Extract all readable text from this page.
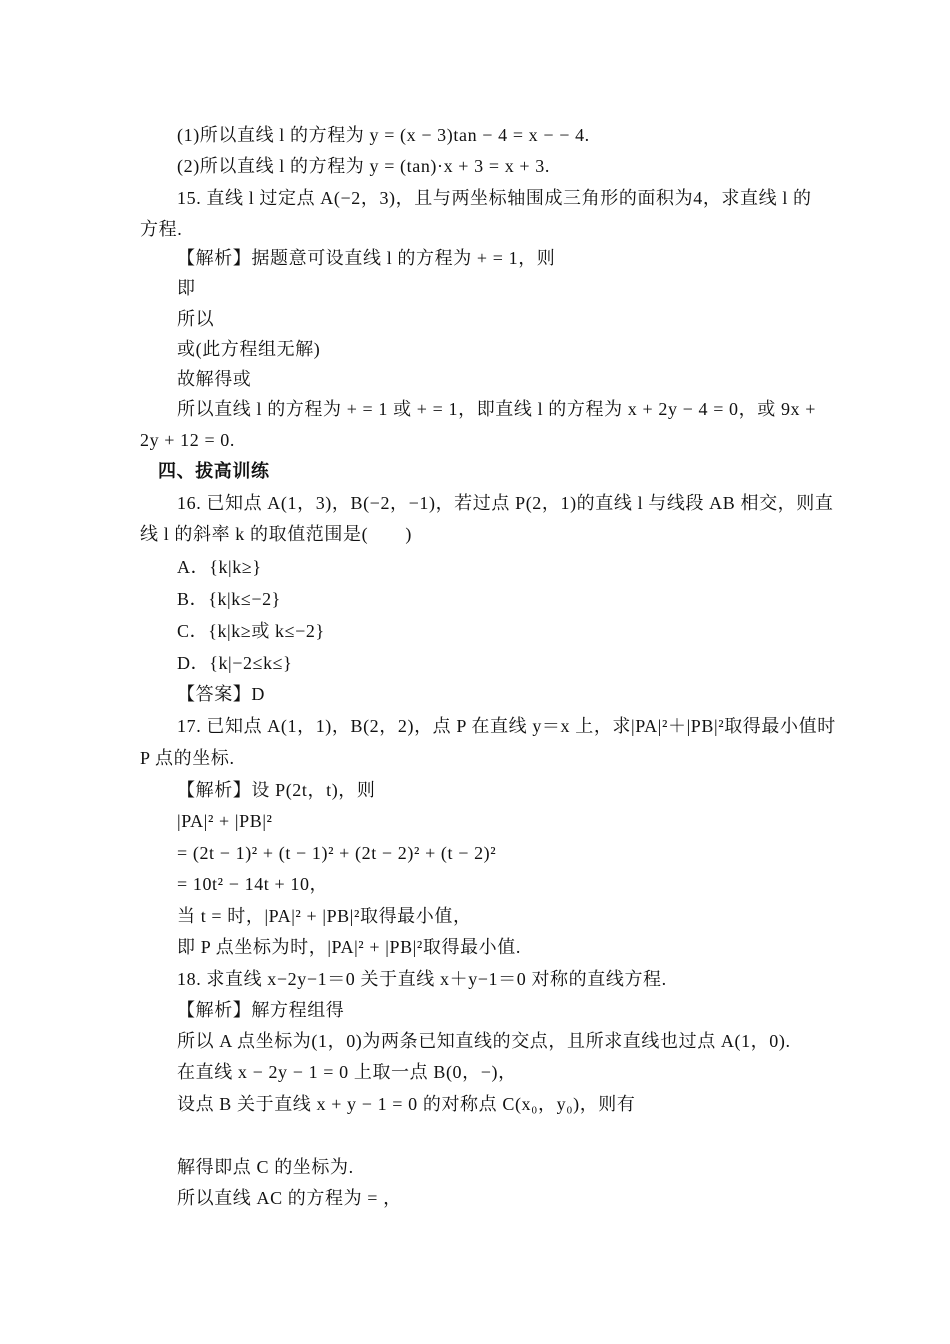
(1)所以直线 l 的方程为 y = (x − 3)tan − 4 = x − − 4.
(2)所以直线 l 的方程为 y = (tan)·x + 3 = x + 3.
15. 直线 l 过定点 A(−2，3)，且与两坐标轴围成三角形的面积为4，求直线 l 的
方程.
【解析】据题意可设直线 l 的方程为 + = 1，则
即
所以
或(此方程组无解)
故解得或
所以直线 l 的方程为 + = 1 或 + = 1，即直线 l 的方程为 x + 2y − 4 = 0，或 9x +
2y + 12 = 0.
四、拔高训练
16. 已知点 A(1，3)，B(−2，−1)，若过点 P(2，1)的直线 l 与线段 AB 相交，则直
线 l 的斜率 k 的取值范围是(　　)
A．{k|k≥}
B．{k|k≤−2}
C．{k|k≥或 k≤−2}
D．{k|−2≤k≤}
【答案】D
17. 已知点 A(1，1)，B(2，2)，点 P 在直线 y＝x 上，求|PA|²＋|PB|²取得最小值时
P 点的坐标.
【解析】设 P(2t，t)，则
|PA|² + |PB|²
= (2t − 1)² + (t − 1)² + (2t − 2)² + (t − 2)²
= 10t² − 14t + 10，
当 t = 时，|PA|² + |PB|²取得最小值，
即 P 点坐标为时，|PA|² + |PB|²取得最小值.
18. 求直线 x−2y−1＝0 关于直线 x＋y−1＝0 对称的直线方程.
【解析】解方程组得
所以 A 点坐标为(1，0)为两条已知直线的交点，且所求直线也过点 A(1，0).
在直线 x − 2y − 1 = 0 上取一点 B(0，−)，
设点 B 关于直线 x + y − 1 = 0 的对称点 C(x₀，y₀)，则有
解得即点 C 的坐标为.
所以直线 AC 的方程为 = ，
